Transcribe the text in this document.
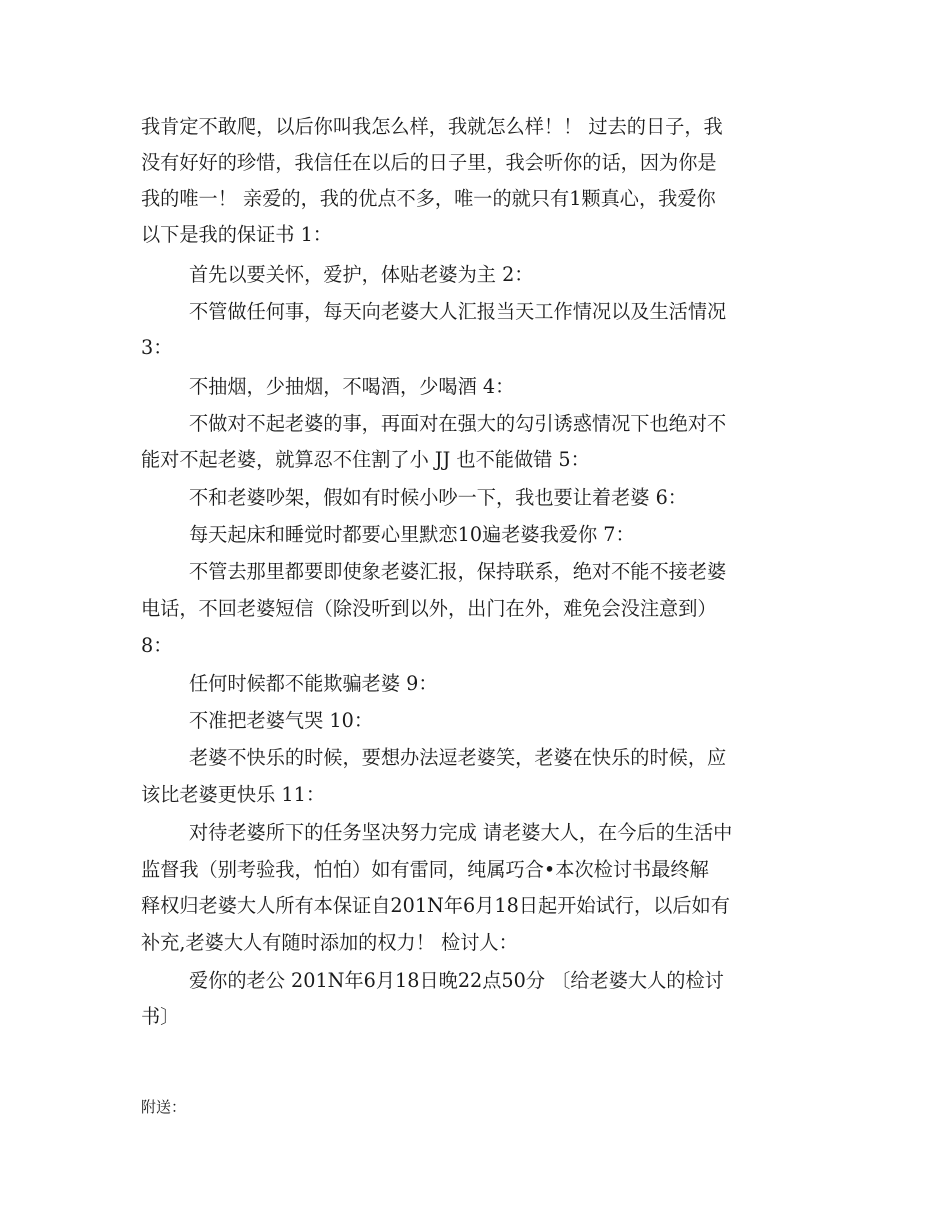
我肯定不敢爬，以后你叫我怎么样，我就怎么样！！ 过去的日子，我
没有好好的珍惜，我信任在以后的日子里，我会听你的话，因为你是
我的唯一！ 亲爱的，我的优点不多，唯一的就只有1颗真心，我爱你
以下是我的保证书 1：
首先以要关怀，爱护，体贴老婆为主 2：
不管做任何事，每天向老婆大人汇报当天工作情况以及生活情况
3：
不抽烟，少抽烟，不喝酒，少喝酒 4：
不做对不起老婆的事，再面对在强大的勾引诱惑情况下也绝对不
能对不起老婆，就算忍不住割了小 JJ 也不能做错 5：
不和老婆吵架，假如有时候小吵一下，我也要让着老婆 6：
每天起床和睡觉时都要心里默恋10遍老婆我爱你 7：
不管去那里都要即使象老婆汇报，保持联系，绝对不能不接老婆
电话，不回老婆短信（除没听到以外，出门在外，难免会没注意到）
8：
任何时候都不能欺骗老婆 9：
不准把老婆气哭 10：
老婆不快乐的时候，要想办法逗老婆笑，老婆在快乐的时候，应
该比老婆更快乐 11：
对待老婆所下的任务坚决努力完成 请老婆大人，在今后的生活中
监督我（别考验我，怕怕）如有雷同，纯属巧合•本次检讨书最终解
释权归老婆大人所有本保证自201N年6月18日起开始试行，以后如有
补充,老婆大人有随时添加的权力！ 检讨人：
爱你的老公 201N年6月18日晚22点50分 〔给老婆大人的检讨
书〕
附送：
